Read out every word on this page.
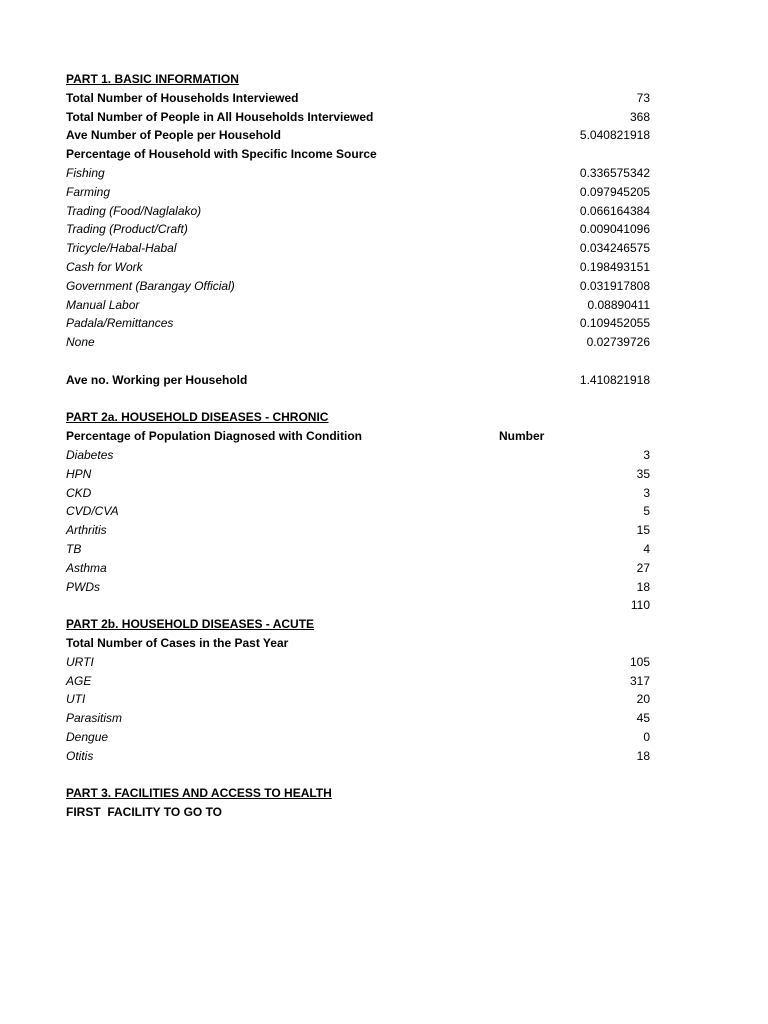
PART 1. BASIC INFORMATION
Total Number of Households Interviewed	73
Total Number of People in All Households Interviewed	368
Ave Number of People per Household	5.040821918
Percentage of Household with Specific Income Source
Fishing	0.336575342
Farming	0.097945205
Trading (Food/Naglalako)	0.066164384
Trading (Product/Craft)	0.009041096
Tricycle/Habal-Habal	0.034246575
Cash for Work	0.198493151
Government (Barangay Official)	0.031917808
Manual Labor	0.08890411
Padala/Remittances	0.109452055
None	0.02739726
Ave no. Working per Household	1.410821918
PART 2a. HOUSEHOLD DISEASES - CHRONIC
Percentage of Population Diagnosed with Condition	Number
Diabetes	3
HPN	35
CKD	3
CVD/CVA	5
Arthritis	15
TB	4
Asthma	27
PWDs	18
110
PART 2b. HOUSEHOLD DISEASES - ACUTE
Total Number of Cases in the Past Year
URTI	105
AGE	317
UTI	20
Parasitism	45
Dengue	0
Otitis	18
PART 3. FACILITIES AND ACCESS TO HEALTH
FIRST  FACILITY TO GO TO
